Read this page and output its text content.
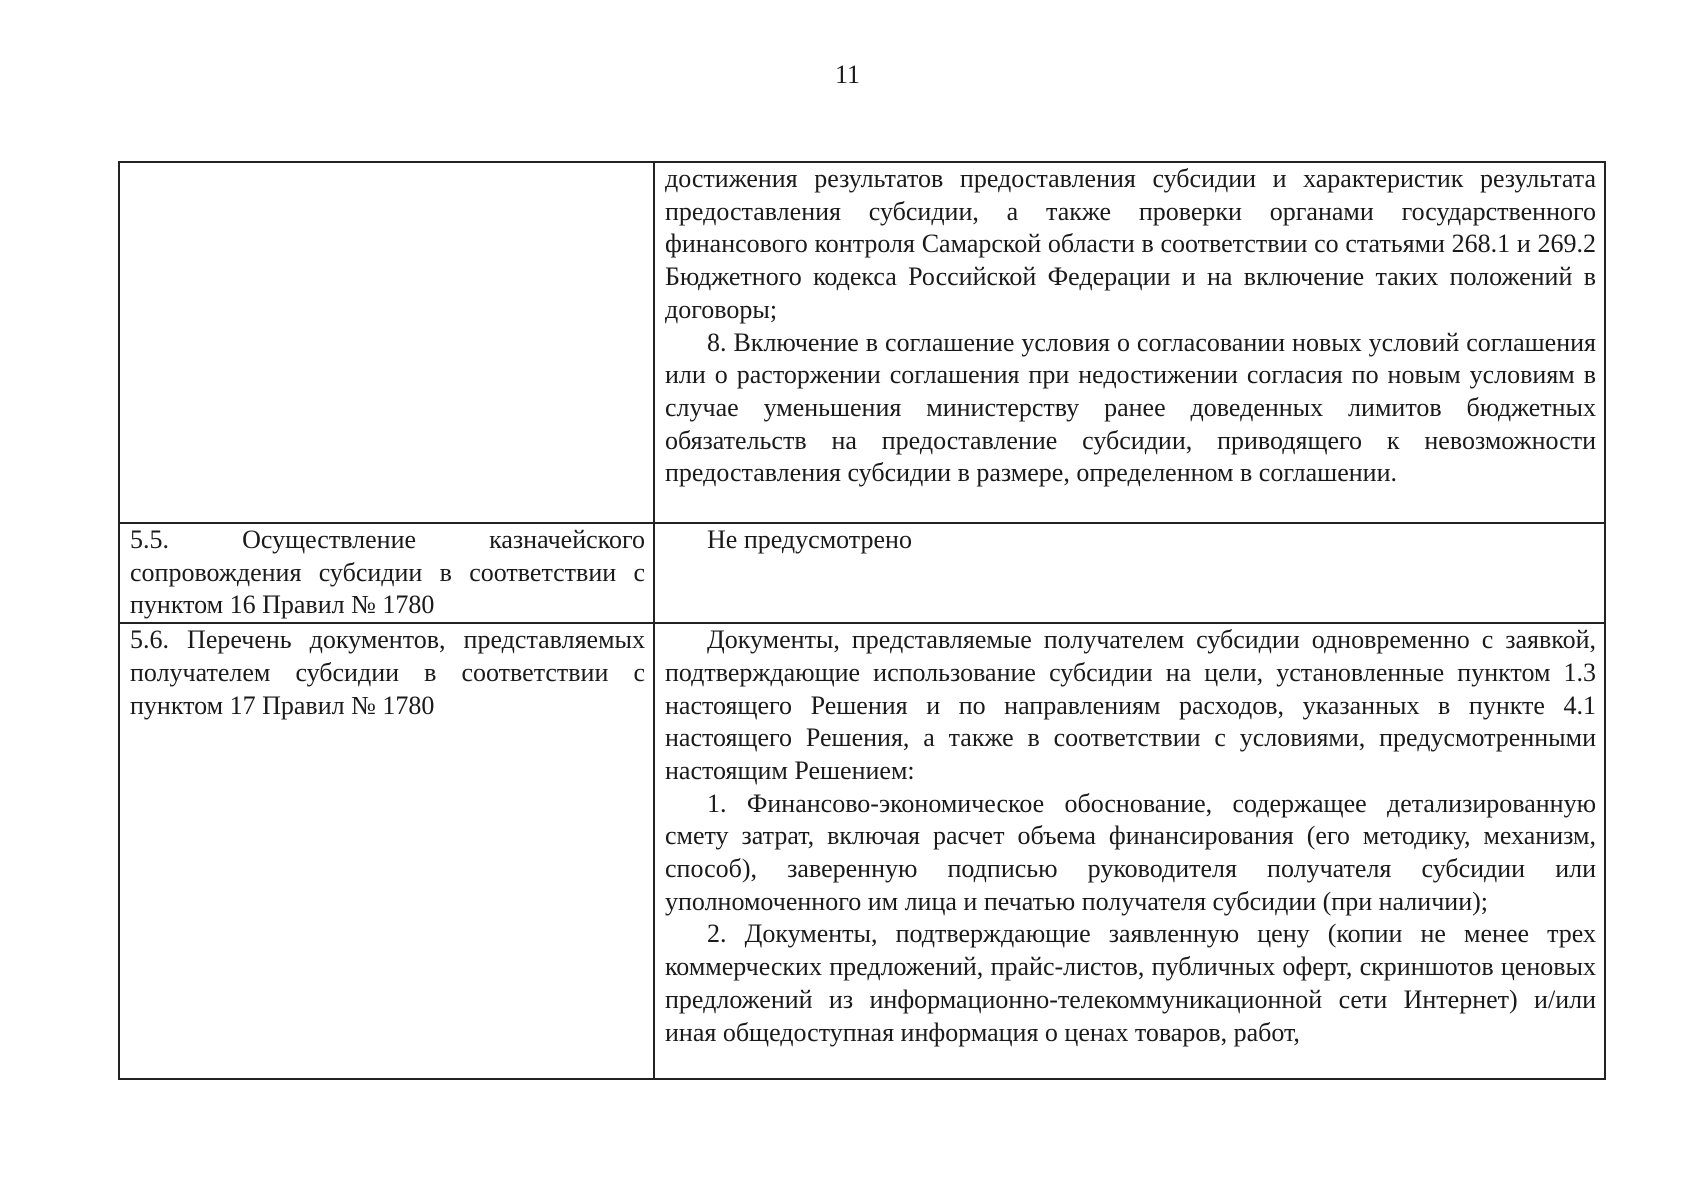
11

	достижения результатов предоставления субсидии и характеристик результата предоставления субсидии, а также проверки органами государственного финансового контроля Самарской области в соответствии со статьями 268.1 и 269.2 Бюджетного кодекса Российской Федерации и на включение таких положений в договоры;

8. Включение в соглашение условия о согласовании новых условий соглашения или о расторжении соглашения при недостижении согласия по новым условиям в случае уменьшения министерству ранее доведенных лимитов бюджетных обязательств на предоставление субсидии, приводящего к невозможности предоставления субсидии в размере, определенном в соглашении.

5.5. Осуществление казначейского сопровождения субсидии в соответствии с пунктом 16 Правил № 1780	Не предусмотрено

5.6. Перечень документов, представляемых получателем субсидии в соответствии с пунктом 17 Правил № 1780	Документы, представляемые получателем субсидии одновременно с заявкой, подтверждающие использование субсидии на цели, установленные пунктом 1.3 настоящего Решения и по направлениям расходов, указанных в пункте 4.1 настоящего Решения, а также в соответствии с условиями, предусмотренными настоящим Решением:

1. Финансово-экономическое обоснование, содержащее детализированную смету затрат, включая расчет объема финансирования (его методику, механизм, способ), заверенную подписью руководителя получателя субсидии или уполномоченного им лица и печатью получателя субсидии (при наличии);

2. Документы, подтверждающие заявленную цену (копии не менее трех коммерческих предложений, прайс-листов, публичных оферт, скриншотов ценовых предложений из информационно-телекоммуникационной сети Интернет) и/или иная общедоступная информация о ценах товаров, работ,
